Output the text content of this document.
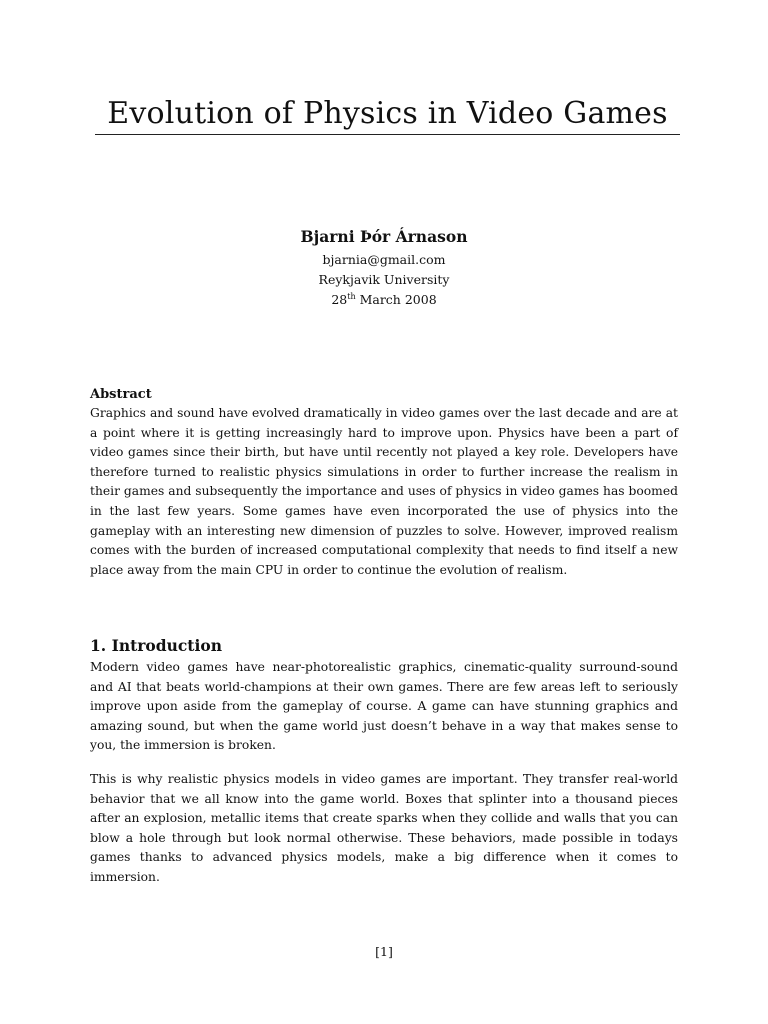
Evolution of Physics in Video Games
Bjarni Þór Árnason
bjarnia@gmail.com
Reykjavik University
28th March 2008
Abstract

Graphics and sound have evolved dramatically in video games over the last decade and are at a point where it is getting increasingly hard to improve upon. Physics have been a part of video games since their birth, but have until recently not played a key role. Developers have therefore turned to realistic physics simulations in order to further increase the realism in their games and subsequently the importance and uses of physics in video games has boomed in the last few years. Some games have even incorporated the use of physics into the gameplay with an interesting new dimension of puzzles to solve. However, improved realism comes with the burden of increased computational complexity that needs to find itself a new place away from the main CPU in order to continue the evolution of realism.

1. Introduction

Modern video games have near-photorealistic graphics, cinematic-quality surround-sound and AI that beats world-champions at their own games. There are few areas left to seriously improve upon aside from the gameplay of course. A game can have stunning graphics and amazing sound, but when the game world just doesn’t behave in a way that makes sense to you, the immersion is broken.

This is why realistic physics models in video games are important. They transfer real-world behavior that we all know into the game world. Boxes that splinter into a thousand pieces after an explosion, metallic items that create sparks when they collide and walls that you can blow a hole through but look normal otherwise. These behaviors, made possible in todays games thanks to advanced physics models, make a big difference when it comes to immersion.

[1]
